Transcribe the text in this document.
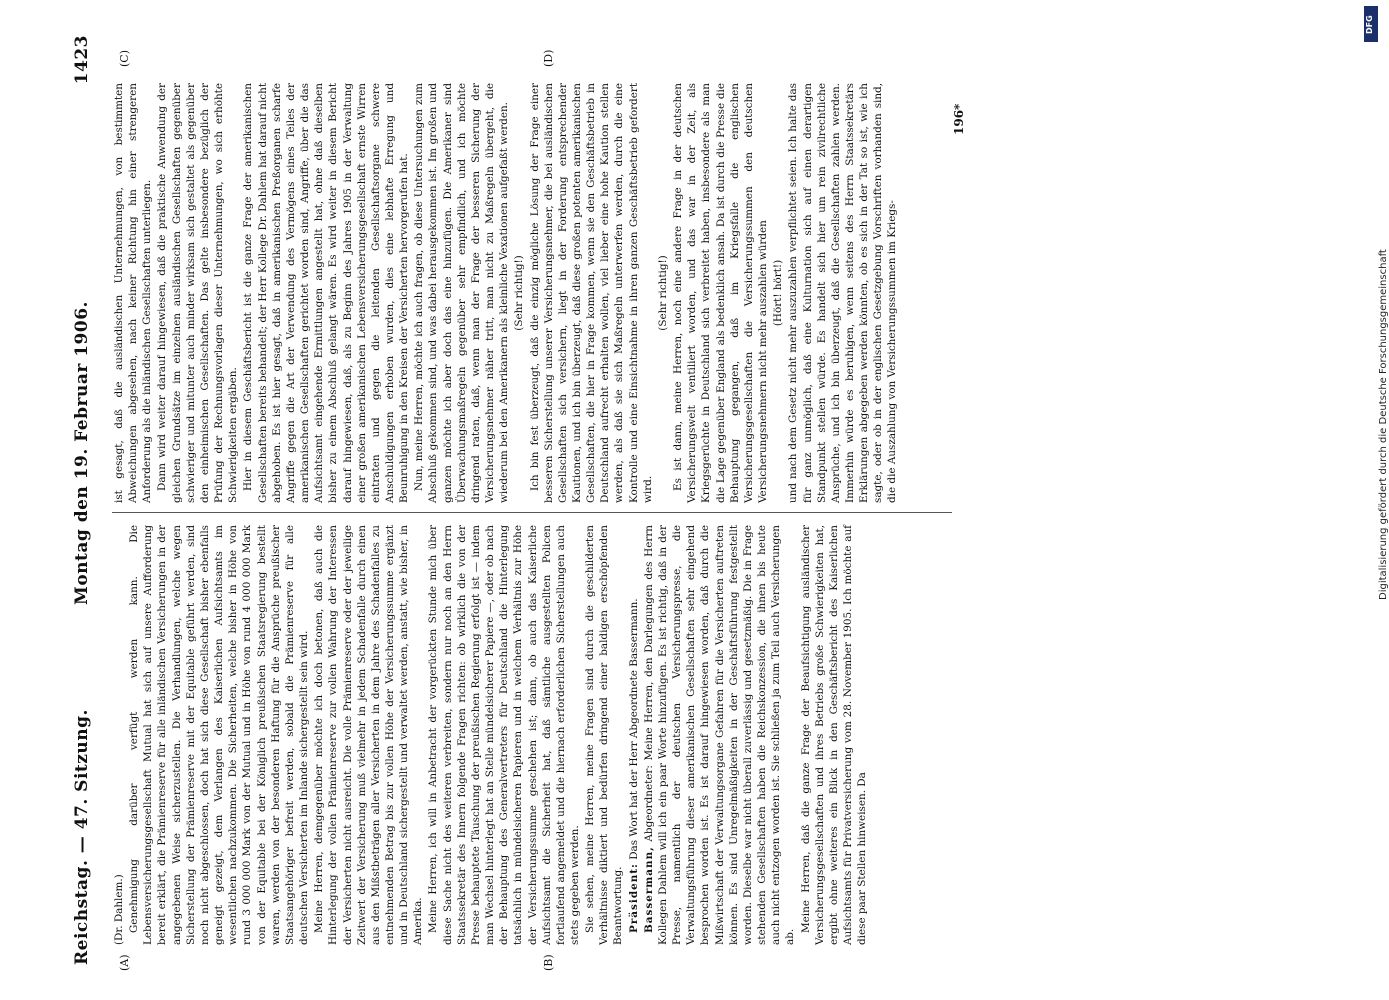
Reichstag. — 47. Sitzung.
Montag den 19. Februar 1906.
1423
(A)	(B)
(C)	(D)

(Dr. Dahlem.) Genehmigung darüber verfügt werden kann. Die Lebensversicherungsgesellschaft Mutual hat sich auf unsere Aufforderung bereit erklärt, die Prämienreserve für alle inländischen Versicherungen in der angegebenen Weise sicherzustellen. Die Verhandlungen, welche wegen Sicherstellung der Prämienreserve mit der Equitable geführt werden, sind noch nicht abgeschlossen, doch hat sich diese Gesellschaft bisher ebenfalls geneigt gezeigt, dem Verlangen des Kaiserlichen Aufsichtsamts im wesentlichen nachzukommen. Die Sicherheiten, welche bisher in Höhe von rund 3 000 000 Mark von der Mutual und in Höhe von rund 4 000 000 Mark von der Equitable bei der Königlich preußischen Staatsregierung bestellt waren, werden von der besonderen Haftung für die Ansprüche preußischer Staatsangehöriger befreit werden, sobald die Prämienreserve für alle deutschen Versicherten im Inlande sichergestellt sein wird. Meine Herren, demgegenüber möchte ich doch betonen, daß auch die Hinterlegung der vollen Prämienreserve zur vollen Wahrung der Interessen der Versicherten nicht ausreicht. Die volle Prämienreserve oder der jeweilige Zeitwert der Versicherung muß vielmehr in jedem Schadenfalle durch einen aus den Mißstbeträgen aller Versicherten in dem Jahre des Schadenfalles zu entnehmenden Betrag bis zur vollen Höhe der Versicherungssumme ergänzt und in Deutschland sichergestellt und verwaltet werden, anstatt, wie bisher, in Amerika. Meine Herren, ich will in Anbetracht der vorgerückten Stunde mich über diese Sache nicht des weiteren verbreiten, sondern nur noch an den Herrn Staatssekretär des Innern folgende Fragen richten: ob wirklich die von der Presse behauptete Täuschung der preußischen Regierung erfolgt ist — indem man Wechsel hinterlegt hat an Stelle mündelsicherer Papiere —, oder ob nach der Behauptung des Generalvertreters für Deutschland die Hinterlegung tatsächlich in mündelsicheren Papieren und in welchem Verhältnis zur Höhe der Versicherungssumme geschehen ist; dann, ob auch das Kaiserliche Aufsichtsamt die Sicherheit hat, daß sämtliche ausgestellten Policen fortlaufend angemeldet und die hiernach erforderlichen Sicherstellungen auch stets gegeben werden. Sie sehen, meine Herren, meine Fragen sind durch die geschilderten Verhältnisse diktiert und bedürfen dringend einer baldigen erschöpfenden Beantwortung. Präsident: Das Wort hat der Herr Abgeordnete Bassermann.

Bassermann, Abgeordneter: Meine Herren, den Darlegungen des Herrn Kollegen Dahlem will ich ein paar Worte hinzufügen. Es ist richtig, daß in der Presse, namentlich der deutschen Versicherungspresse, die Verwaltungsführung dieser amerikanischen Gesellschaften sehr eingehend besprochen worden ist. Es ist darauf hingewiesen worden, daß durch die Mißwirtschaft der Verwaltungsorgane Gefahren für die Versicherten auftreten können. Es sind Unregelmäßigkeiten in der Geschäftsführung festgestellt worden. Dieselbe war nicht überall zuverlässig und gesetzmäßig. Die in Frage stehenden Gesellschaften haben die Reichskonzession, die ihnen bis heute auch nicht entzogen worden ist. Sie schließen ja zum Teil auch Versicherungen ab.

Meine Herren, daß die ganze Frage der Beaufsichtigung ausländischer Versicherungsgesellschaften und ihres Betriebs große Schwierigkeiten hat, ergibt ohne weiteres ein Blick in den Geschäftsbericht des Kaiserlichen Aufsichtsamts für Privatversicherung vom 28. November 1905. Ich möchte auf diese paar Stellen hinweisen. Da

ist gesagt, daß die ausländischen Unternehmungen, von bestimmten Abweichungen abgesehen, nach keiner Richtung hin einer strengeren Anforderung als die inländischen Gesellschaften unterliegen. Dann wird weiter darauf hingewiesen, daß die praktische Anwendung der gleichen Grundsätze im einzelnen ausländischen Gesellschaften gegenüber schwieriger und mitunter auch minder wirksam sich gestaltet als gegenüber den einheimischen Gesellschaften. Das gelte insbesondere bezüglich der Prüfung der Rechnungsvorlagen dieser Unternehmungen, wo sich erhöhte Schwierigkeiten ergäben. Hier in diesem Geschäftsbericht ist die ganze Frage der amerikanischen Gesellschaften bereits behandelt; der Herr Kollege Dr. Dahlem hat darauf nicht abgehoben. Es ist hier gesagt, daß in amerikanischen Preßorganen scharfe Angriffe gegen die Art der Verwendung des Vermögens eines Teiles der amerikanischen Gesellschaften gerichtet worden sind, Angriffe, über die das Aufsichtsamt eingehende Ermittlungen angestellt hat, ohne daß dieselben bisher zu einem Abschluß gelangt wären. Es wird weiter in diesem Bericht darauf hingewiesen, daß, als zu Beginn des Jahres 1905 in der Verwaltung einer großen amerikanischen Lebensversicherungsgesellschaft ernste Wirren eintraten und gegen die leitenden Gesellschaftsorgane schwere Anschuldigungen erhoben wurden, dies eine lebhafte Erregung und Beunruhigung in den Kreisen der Versicherten hervorgerufen hat. Nun, meine Herren, möchte ich auch fragen, ob diese Untersuchungen zum Abschluß gekommen sind, und was dabei herausgekommen ist. Im großen und ganzen möchte ich aber doch das eine hinzufügen. Die Amerikaner sind Überwachungsmaßregeln gegenüber sehr empfindlich, und ich möchte dringend raten, daß, wenn man der Frage der besseren Sicherung der Versicherungsnehmer näher tritt, man nicht zu Maßregeln übergeht, die wiederum bei den Amerikanern als kleinliche Vexationen aufgefaßt werden. (Sehr richtig!) Ich bin fest überzeugt, daß die einzig mögliche Lösung der Frage einer besseren Sicherstellung unserer Versicherungsnehmer, die bei ausländischen Gesellschaften sich versichern, liegt in der Forderung entsprechender Kautionen, und ich bin überzeugt, daß diese großen potenten amerikanischen Gesellschaften, die hier in Frage kommen, wenn sie den Geschäftsbetrieb in Deutschland aufrecht erhalten wollen, viel lieber eine hohe Kaution stellen werden, als daß sie sich Maßregeln unterwerfen werden, durch die eine Kontrolle und eine Einsichtnahme in ihren ganzen Geschäftsbetrieb gefordert wird.

(Sehr richtig!) Es ist dann, meine Herren, noch eine andere Frage in der deutschen Versicherungswelt ventiliert worden, und das war in der Zeit, als Kriegsgerüchte in Deutschland sich verbreitet haben, insbesondere als man die Lage gegenüber England als bedenklich ansah. Da ist durch die Presse die Behauptung gegangen, daß im Kriegsfalle die englischen Versicherungsgesellschaften die Versicherungssummen den deutschen Versicherungsnehmern nicht mehr auszahlen würden (Hört! hört!) und nach dem Gesetz nicht mehr auszuzahlen verpflichtet seien. Ich halte das für ganz unmöglich, daß eine Kulturnation sich auf einen derartigen Standpunkt stellen würde. Es handelt sich hier um rein zivilrechtliche Ansprüche, und ich bin überzeugt, daß die Gesellschaften zahlen werden. Immerhin würde es beruhigen, wenn seitens des Herrn Staatssekretärs Erklärungen abgegeben werden könnten, ob es sich in der Tat so ist, wie ich sagte, oder ob in der englischen Gesetzgebung Vorschriften vorhanden sind, die die Auszahlung von Versicherungssummen im Kriegs-

196*
DFG
Digitalisierung gefördert durch die Deutsche Forschungsgemeinschaft
